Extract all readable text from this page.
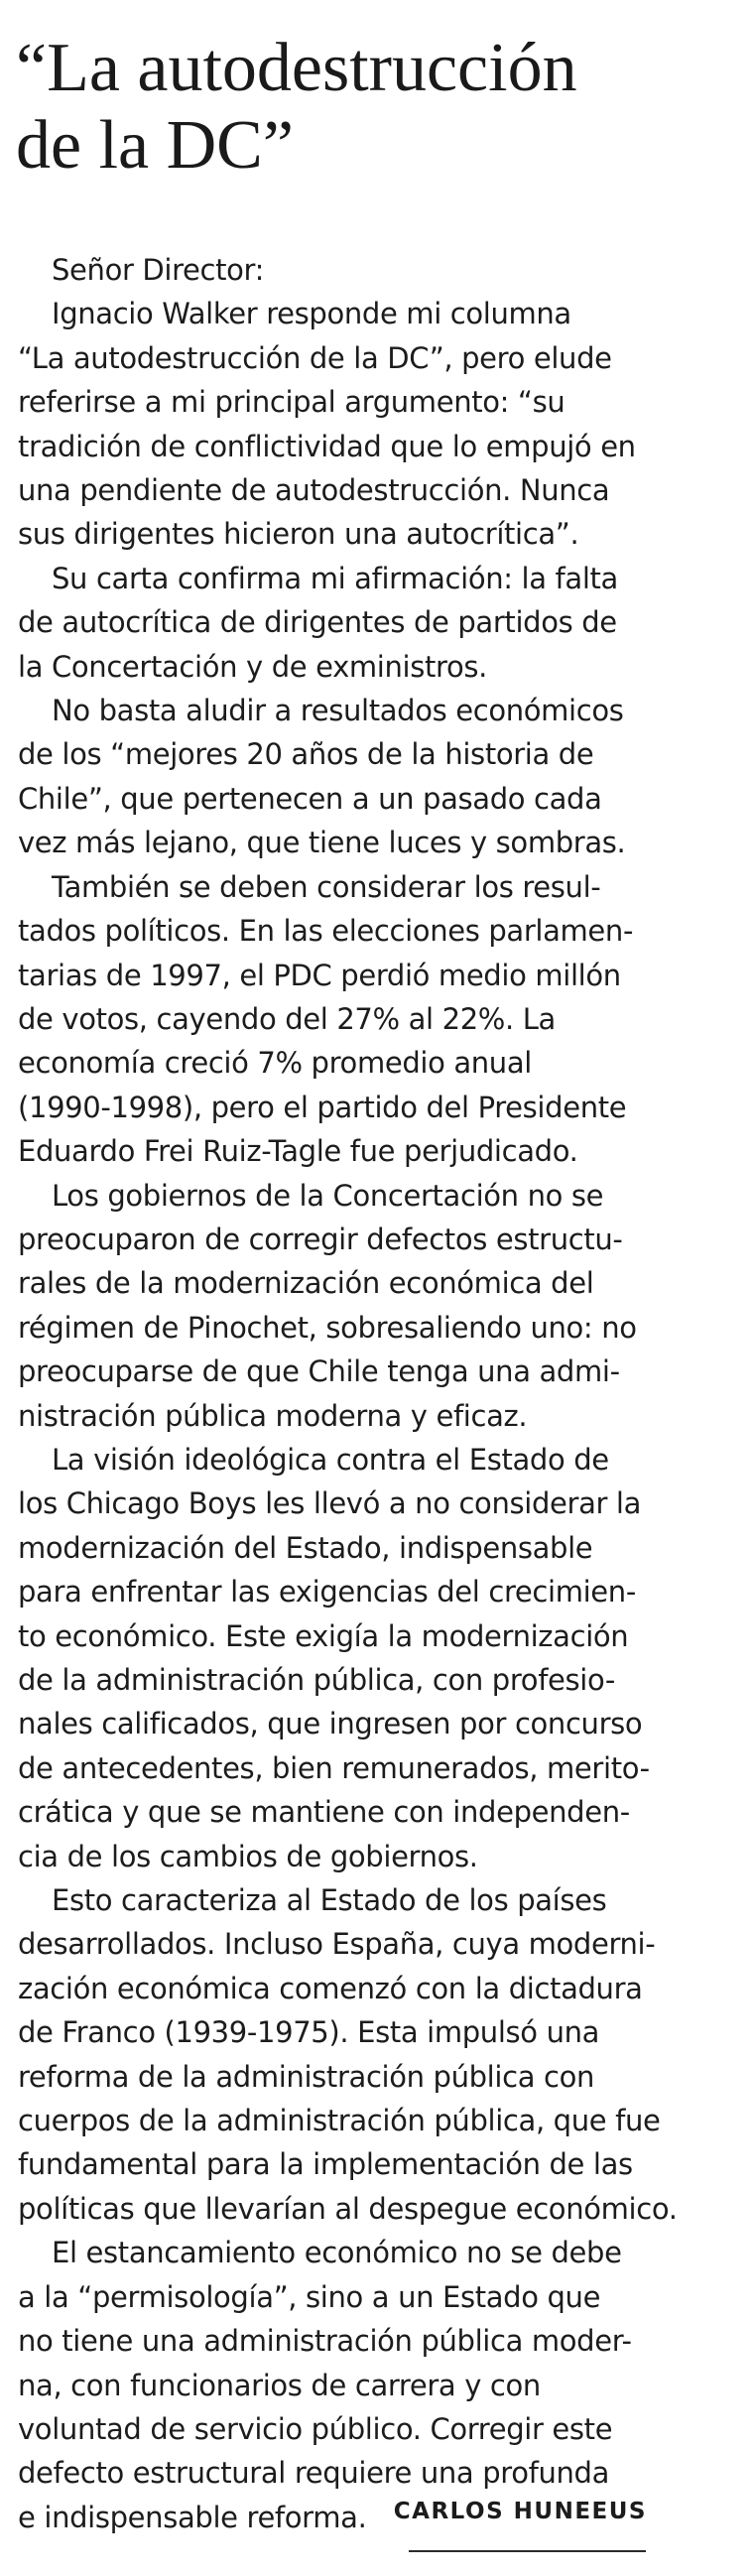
“La autodestrucción
de la DC”

Señor Director:

Ignacio Walker responde mi columna
“La autodestrucción de la DC”, pero elude
referirse a mi principal argumento: “su
tradición de conflictividad que lo empujó en
una pendiente de autodestrucción. Nunca
sus dirigentes hicieron una autocrítica”.

Su carta confirma mi afirmación: la falta
de autocrítica de dirigentes de partidos de
la Concertación y de exministros.

No basta aludir a resultados económicos
de los “mejores 20 años de la historia de
Chile”, que pertenecen a un pasado cada
vez más lejano, que tiene luces y sombras.

También se deben considerar los resul-
tados políticos. En las elecciones parlamen-
tarias de 1997, el PDC perdió medio millón
de votos, cayendo del 27% al 22%. La
economía creció 7% promedio anual
(1990-1998), pero el partido del Presidente
Eduardo Frei Ruiz-Tagle fue perjudicado.

Los gobiernos de la Concertación no se
preocuparon de corregir defectos estructu-
rales de la modernización económica del
régimen de Pinochet, sobresaliendo uno: no
preocuparse de que Chile tenga una admi-
nistración pública moderna y eficaz.

La visión ideológica contra el Estado de
los Chicago Boys les llevó a no considerar la
modernización del Estado, indispensable
para enfrentar las exigencias del crecimien-
to económico. Este exigía la modernización
de la administración pública, con profesio-
nales calificados, que ingresen por concurso
de antecedentes, bien remunerados, merito-
crática y que se mantiene con independen-
cia de los cambios de gobiernos.

Esto caracteriza al Estado de los países
desarrollados. Incluso España, cuya moderni-
zación económica comenzó con la dictadura
de Franco (1939-1975). Esta impulsó una
reforma de la administración pública con
cuerpos de la administración pública, que fue
fundamental para la implementación de las
políticas que llevarían al despegue económico.

El estancamiento económico no se debe
a la “permisología”, sino a un Estado que
no tiene una administración pública moder-
na, con funcionarios de carrera y con
voluntad de servicio público. Corregir este
defecto estructural requiere una profunda
e indispensable reforma.	CARLOS HUNEEUS
